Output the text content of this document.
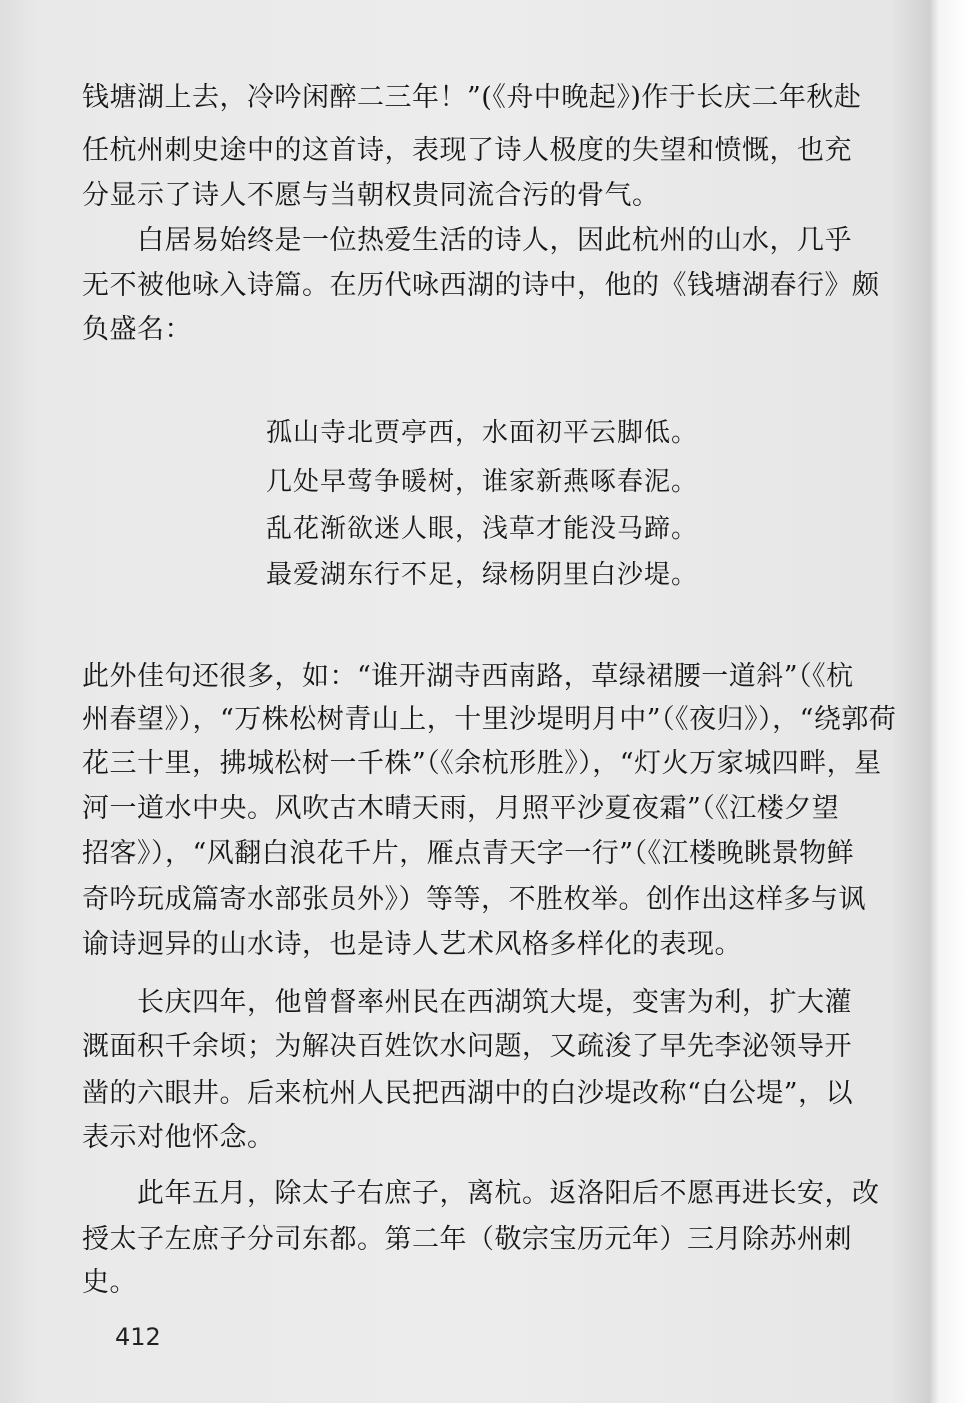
钱塘湖上去，冷吟闲醉二三年！”(《舟中晚起》)作于长庆二年秋赴

任杭州刺史途中的这首诗，表现了诗人极度的失望和愤慨，也充

分显示了诗人不愿与当朝权贵同流合污的骨气。

　　白居易始终是一位热爱生活的诗人，因此杭州的山水，几乎

无不被他咏入诗篇。在历代咏西湖的诗中，他的《钱塘湖春行》颇

负盛名：

孤山寺北贾亭西，水面初平云脚低。

几处早莺争暖树，谁家新燕啄春泥。

乱花渐欲迷人眼，浅草才能没马蹄。

最爱湖东行不足，绿杨阴里白沙堤。

此外佳句还很多，如：“谁开湖寺西南路，草绿裙腰一道斜”（《杭

州春望》），“万株松树青山上，十里沙堤明月中”（《夜归》），“绕郭荷

花三十里，拂城松树一千株”（《余杭形胜》），“灯火万家城四畔，星

河一道水中央。风吹古木晴天雨，月照平沙夏夜霜”（《江楼夕望

招客》），“风翻白浪花千片，雁点青天字一行”（《江楼晚眺景物鲜

奇吟玩成篇寄水部张员外》）等等，不胜枚举。创作出这样多与讽

谕诗迥异的山水诗，也是诗人艺术风格多样化的表现。

　　长庆四年，他曾督率州民在西湖筑大堤，变害为利，扩大灌

溉面积千余顷；为解决百姓饮水问题，又疏浚了早先李泌领导开

凿的六眼井。后来杭州人民把西湖中的白沙堤改称“白公堤”，以

表示对他怀念。

　　此年五月，除太子右庶子，离杭。返洛阳后不愿再进长安，改

授太子左庶子分司东都。第二年（敬宗宝历元年）三月除苏州刺

史。

412
